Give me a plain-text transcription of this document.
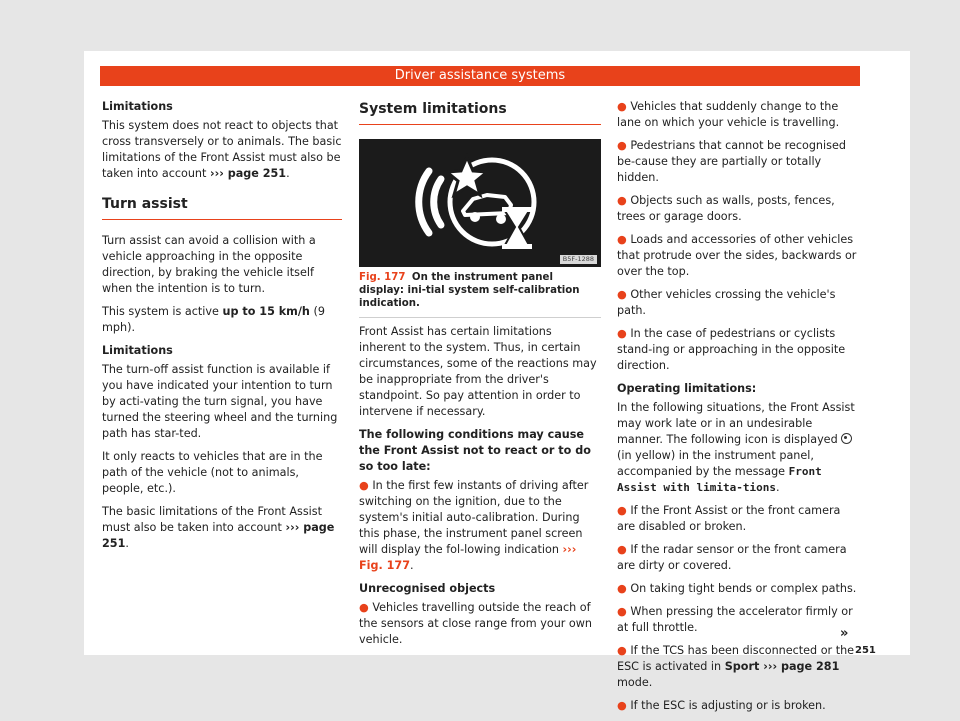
Driver assistance systems

Limitations

This system does not react to objects that cross transversely or to animals. The basic limitations of the Front Assist must also be taken into account ››› page 251.

Turn assist

Turn assist can avoid a collision with a vehicle approaching in the opposite direction, by braking the vehicle itself when the intention is to turn.

This system is active up to 15 km/h (9 mph).

Limitations

The turn-off assist function is available if you have indicated your intention to turn by acti-vating the turn signal, you have turned the steering wheel and the turning path has star-ted.

It only reacts to vehicles that are in the path of the vehicle (not to animals, people, etc.).

The basic limitations of the Front Assist must also be taken into account ››› page 251.

System limitations
B5F-1288
Fig. 177 On the instrument panel display: ini-tial system self-calibration indication.

Front Assist has certain limitations inherent to the system. Thus, in certain circumstances, some of the reactions may be inappropriate from the driver's standpoint. So pay attention in order to intervene if necessary.

The following conditions may cause the Front Assist not to react or to do so too late:

● In the first few instants of driving after switching on the ignition, due to the system's initial auto-calibration. During this phase, the instrument panel screen will display the fol-lowing indication ››› Fig. 177.

Unrecognised objects

● Vehicles travelling outside the reach of the sensors at close range from your own vehicle.

● Vehicles that suddenly change to the lane on which your vehicle is travelling.

● Pedestrians that cannot be recognised be-cause they are partially or totally hidden.

● Objects such as walls, posts, fences, trees or garage doors.

● Loads and accessories of other vehicles that protrude over the sides, backwards or over the top.

● Other vehicles crossing the vehicle's path.

● In the case of pedestrians or cyclists stand-ing or approaching in the opposite direction.

Operating limitations:

In the following situations, the Front Assist may work late or in an undesirable manner. The following icon is displayed  (in yellow) in the instrument panel, accompanied by the message Front Assist with limita-tions.

● If the Front Assist or the front camera are disabled or broken.

● If the radar sensor or the front camera are dirty or covered.

● On taking tight bends or complex paths.

● When pressing the accelerator firmly or at full throttle.

● If the TCS has been disconnected or the ESC is activated in Sport ››› page 281 mode.

● If the ESC is adjusting or is broken.

»
251
